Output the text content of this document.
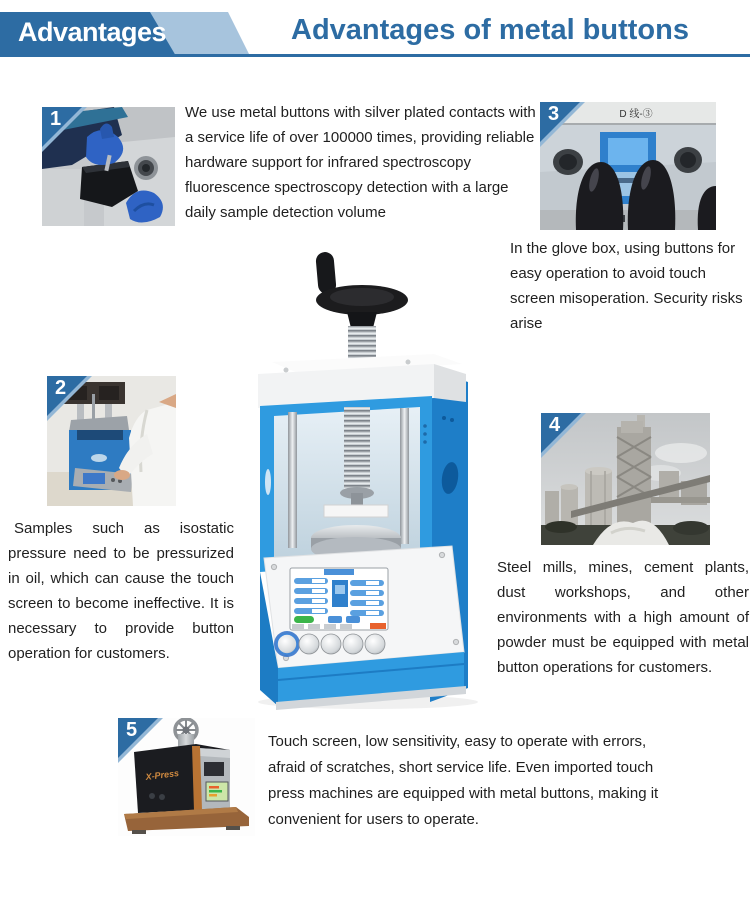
Advantages	Advantages of metal buttons
1	We use metal buttons with silver plated contacts with a service life of over 100000 times, providing reliable hardware support for infrared spectroscopy fluorescence spectroscopy detection with a large daily sample detection volume
D 线-③
3
In the glove box, using buttons for easy operation to avoid touch screen misoperation. Security risks arise
2
Samples such as isostatic pressure need to be pressurized in oil, which can cause the touch screen to become ineffective. It is necessary to provide button operation for customers.
4
Steel mills, mines, cement plants, dust workshops, and other environments with a high amount of powder must be equipped with metal button operations for customers.
X-Press
5
Touch screen, low sensitivity, easy to operate with errors, afraid of scratches, short service life. Even imported touch press machines are equipped with metal buttons, making it convenient for users to operate.
